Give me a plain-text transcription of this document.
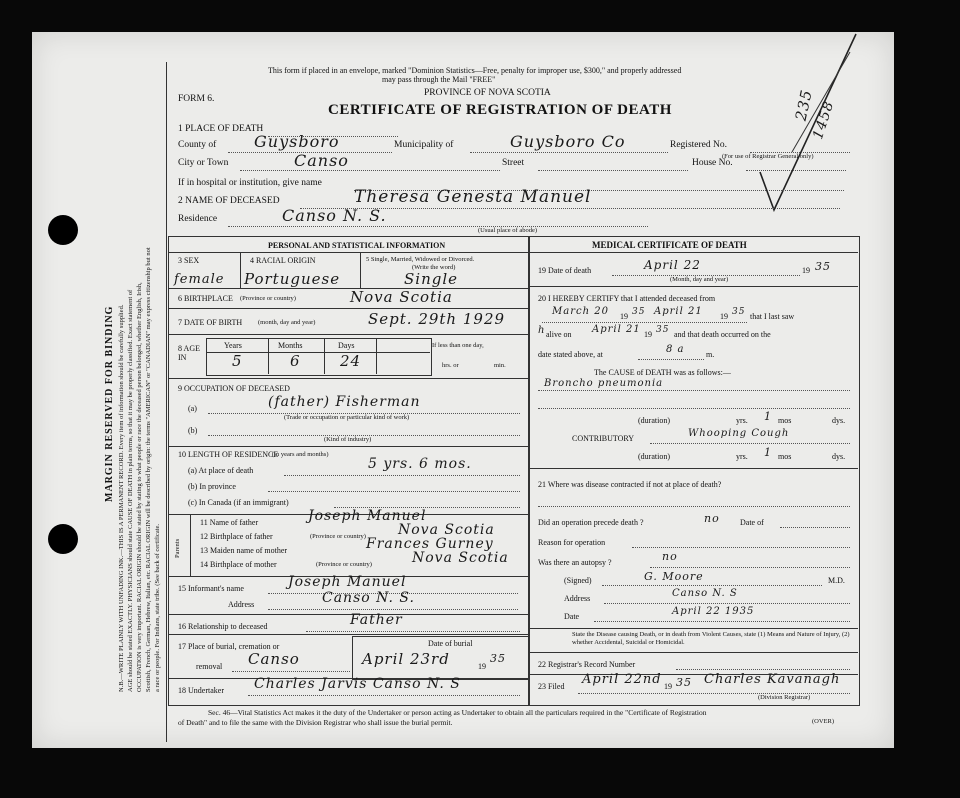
MARGIN RESERVED FOR BINDING N.B.—WRITE PLAINLY WITH UNFADING INK.—THIS IS A PERMANENT RECORD. Every item of information should be carefully supplied. AGE should be stated EXACTLY. PHYSICIANS should state CAUSE OF DEATH in plain terms, so that it may be properly classified. Exact statement of OCCUPATION is very important. RACIAL ORIGIN should be stated by stating to what people or race the deceased person belonged, whether English, Irish, Scottish, French, German, Hebrew, Italian, etc. RACIAL ORIGIN will be described by origin: the terms "AMERICAN" or "CANADIAN" may express citizenship but not a race or people. For Indians, state tribe. (See back of certificate.
This form if placed in an envelope, marked "Dominion Statistics—Free, penalty for improper use, $300," and properly addressed
may pass through the Mail "FREE"
FORM 6.
PROVINCE OF NOVA SCOTIA
CERTIFICATE OF REGISTRATION OF DEATH	235
1458
1 PLACE OF DEATH
County of Guysboro	Municipality of	Guysboro Co	Registered No.
(For use of Registrar General only)
City or Town	Canso	Street	House No.
If in hospital or institution, give name
2 NAME OF DECEASED	Theresa Genesta Manuel
Residence	Canso N. S.
(Usual place of abode)
PERSONAL AND STATISTICAL INFORMATION
3 SEX	4 RACIAL ORIGIN	5 Single, Married, Widowed or Divorced.
(Write the word)
female Portuguese	Single
6 BIRTHPLACE (Province or country)	Nova Scotia
7 DATE OF BIRTH (month, day and year)	Sept. 29th 1929
8 AGE IN
Years	Months	Days
5	6	24
If less than one day,
hrs. or	min.
9 OCCUPATION OF DECEASED
(a)	(father) Fisherman
(Trade or occupation or particular kind of work)
(b)
(Kind of industry)
10 LENGTH OF RESIDENCE
(in years and months)
(a) At place of death	5 yrs. 6 mos.
(b) In province
(c) In Canada (if an immigrant)
Parents
11 Name of father	Joseph Manuel
12 Birthplace of father	(Province or country) Nova Scotia
13 Maiden name of mother	Frances Gurney
14 Birthplace of mother	(Province or country)	Nova Scotia
15 Informant's name	Joseph Manuel
Address	Canso N. S.
16 Relationship to deceased	Father
17 Place of burial, cremation or
removal Canso
Date of burial
April 23rd	19
35
18 Undertaker Charles Jarvis Canso N. S
MEDICAL CERTIFICATE OF DEATH
19 Date of death	April 22	19 35
(Month, day and year)
20 I HEREBY CERTIFY that I attended deceased from
March 20 19 35 April 21 19 35 that I last saw
h alive on April 21 19 35 and that death occurred on the
date stated above, at	8 a	m.
The CAUSE of DEATH was as follows:—
Broncho pneumonia
(duration)	yrs. 1 mos	dys.
CONTRIBUTORY	Whooping Cough
(duration)	yrs. 1 mos	dys.
21 Where was disease contracted if not at place of death?
Did an operation precede death ?	no	Date of
Reason for operation
Was there an autopsy ?	no
(Signed)	G. Moore	M.D.
Address	Canso N. S
Date	April 22 1935
State the Disease causing Death, or in death from Violent Causes, state (1) Means and Nature of Injury, (2) whether Accidental, Suicidal or Homicidal.
22 Registrar's Record Number
23 Filed April 22nd 19 35 Charles Kavanagh
(Division Registrar)
Sec. 46—Vital Statistics Act makes it the duty of the Undertaker or person acting as Undertaker to obtain all the particulars required in the "Certificate of Registration
of Death" and to file the same with the Division Registrar who shall issue the burial permit.	(OVER)
